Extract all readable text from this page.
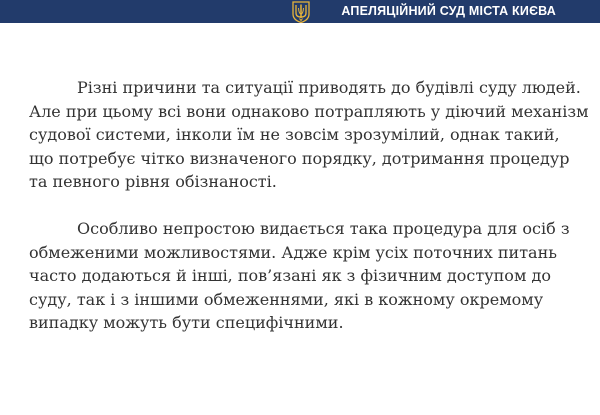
АПЕЛЯЦІЙНИЙ СУД МІСТА КИЄВА

Різні причини та ситуації приводять до будівлі суду людей. Але при цьому всі вони однаково потрапляють у діючий механізм судової системи, інколи їм не зовсім зрозумілий, однак такий, що потребує чітко визначеного порядку, дотримання процедур та певного рівня обізнаності.

Особливо непростою видається така процедура для осіб з обмеженими можливостями. Адже крім усіх поточних питань часто додаються й інші, пов’язані як з фізичним доступом до суду, так і з іншими обмеженнями, які в кожному окремому випадку можуть бути специфічними.
